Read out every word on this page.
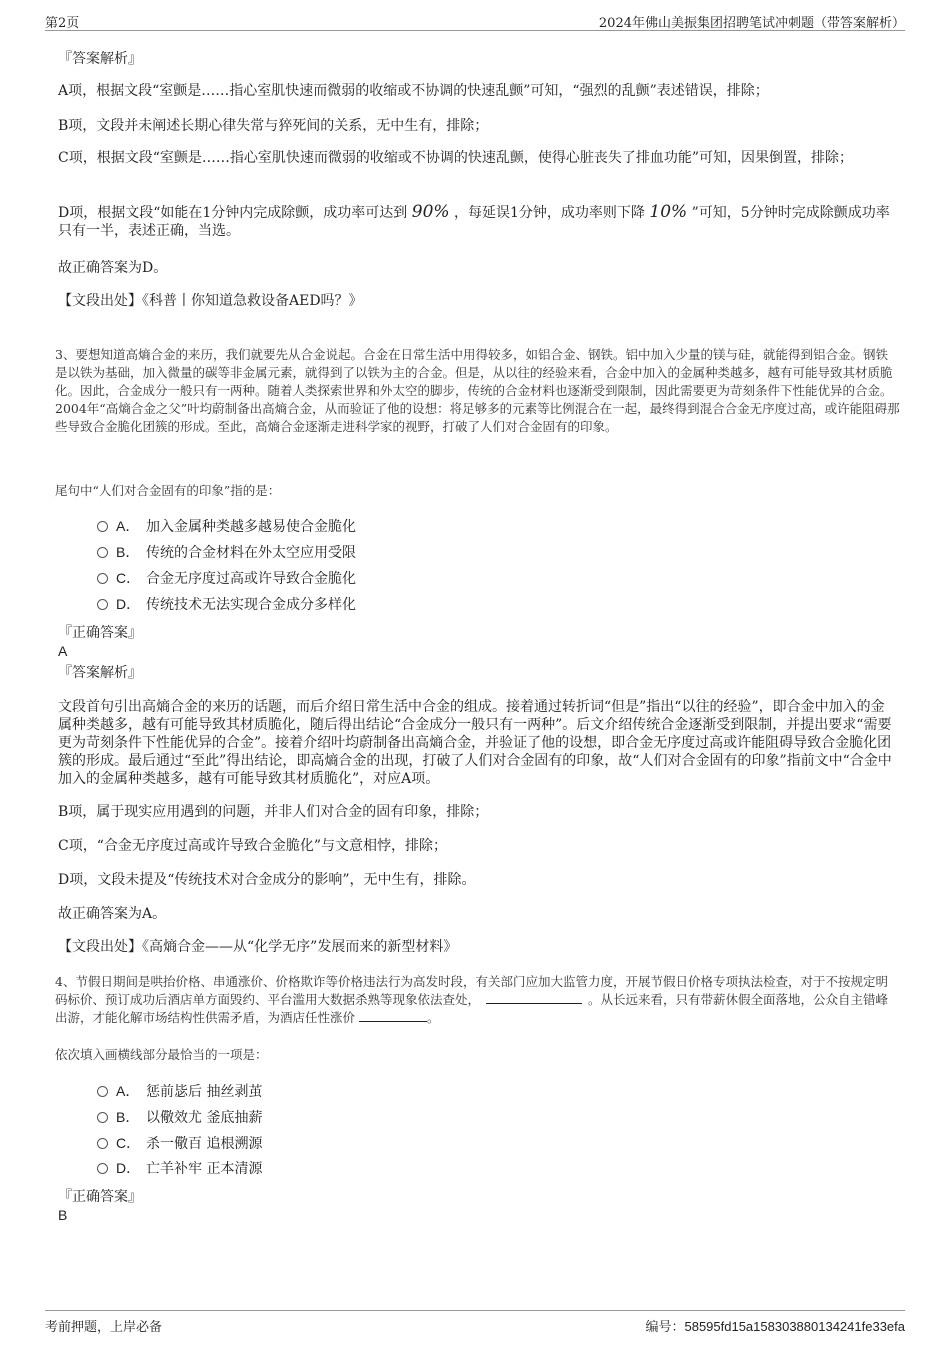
第2页	2024年佛山美振集团招聘笔试冲刺题（带答案解析）
『答案解析』
A项，根据文段“室颤是……指心室肌快速而微弱的收缩或不协调的快速乱颤”可知，“强烈的乱颤”表述错误，排除；
B项，文段并未阐述长期心律失常与猝死间的关系，无中生有，排除；
C项，根据文段“室颤是……指心室肌快速而微弱的收缩或不协调的快速乱颤，使得心脏丧失了排血功能”可知，因果倒置，排除；
D项，根据文段“如能在1分钟内完成除颤，成功率可达到 90% ，每延误1分钟，成功率则下降 10% ”可知，5分钟时完成除颤成功率只有一半，表述正确，当选。
故正确答案为D。
【文段出处】《科普丨你知道急救设备AED吗？》
3、要想知道高熵合金的来历，我们就要先从合金说起。合金在日常生活中用得较多，如铝合金、钢铁。铝中加入少量的镁与硅，就能得到铝合金。钢铁是以铁为基础，加入微量的碳等非金属元素，就得到了以铁为主的合金。但是，从以往的经验来看，合金中加入的金属种类越多，越有可能导致其材质脆化。因此，合金成分一般只有一两种。随着人类探索世界和外太空的脚步，传统的合金材料也逐渐受到限制，因此需要更为苛刻条件下性能优异的合金。2004年“高熵合金之父”叶均蔚制备出高熵合金，从而验证了他的设想：将足够多的元素等比例混合在一起，最终得到混合合金无序度过高，或许能阻碍那些导致合金脆化团簇的形成。至此，高熵合金逐渐走进科学家的视野，打破了人们对合金固有的印象。
尾句中“人们对合金固有的印象”指的是：
A． 加入金属种类越多越易使合金脆化
B． 传统的合金材料在外太空应用受限
C． 合金无序度过高或许导致合金脆化
D． 传统技术无法实现合金成分多样化
『正确答案』
A
『答案解析』
文段首句引出高熵合金的来历的话题，而后介绍日常生活中合金的组成。接着通过转折词“但是”指出“以往的经验”，即合金中加入的金属种类越多，越有可能导致其材质脆化，随后得出结论“合金成分一般只有一两种”。后文介绍传统合金逐渐受到限制，并提出要求“需要更为苛刻条件下性能优异的合金”。接着介绍叶均蔚制备出高熵合金，并验证了他的设想，即合金无序度过高或许能阻碍导致合金脆化团簇的形成。最后通过“至此”得出结论，即高熵合金的出现，打破了人们对合金固有的印象，故“人们对合金固有的印象”指前文中“合金中加入的金属种类越多，越有可能导致其材质脆化”，对应A项。
B项，属于现实应用遇到的问题，并非人们对合金的固有印象，排除；
C项，“合金无序度过高或许导致合金脆化”与文意相悖，排除；
D项，文段未提及“传统技术对合金成分的影响”，无中生有，排除。
故正确答案为A。
【文段出处】《高熵合金——从“化学无序”发展而来的新型材料》
4、节假日期间是哄抬价格、串通涨价、价格欺诈等价格违法行为高发时段，有关部门应加大监管力度，开展节假日价格专项执法检查，对于不按规定明码标价、预订成功后酒店单方面毁约、平台滥用大数据杀熟等现象依法查处，	。从长远来看，只有带薪休假全面落地，公众自主错峰出游，才能化解市场结构性供需矛盾，为酒店任性涨价	。
依次填入画横线部分最恰当的一项是：
A． 惩前毖后 抽丝剥茧
B． 以儆效尤 釜底抽薪
C． 杀一儆百 追根溯源
D． 亡羊补牢 正本清源
『正确答案』
B
考前押题，上岸必备	编号：58595fd15a158303880134241fe33efa
